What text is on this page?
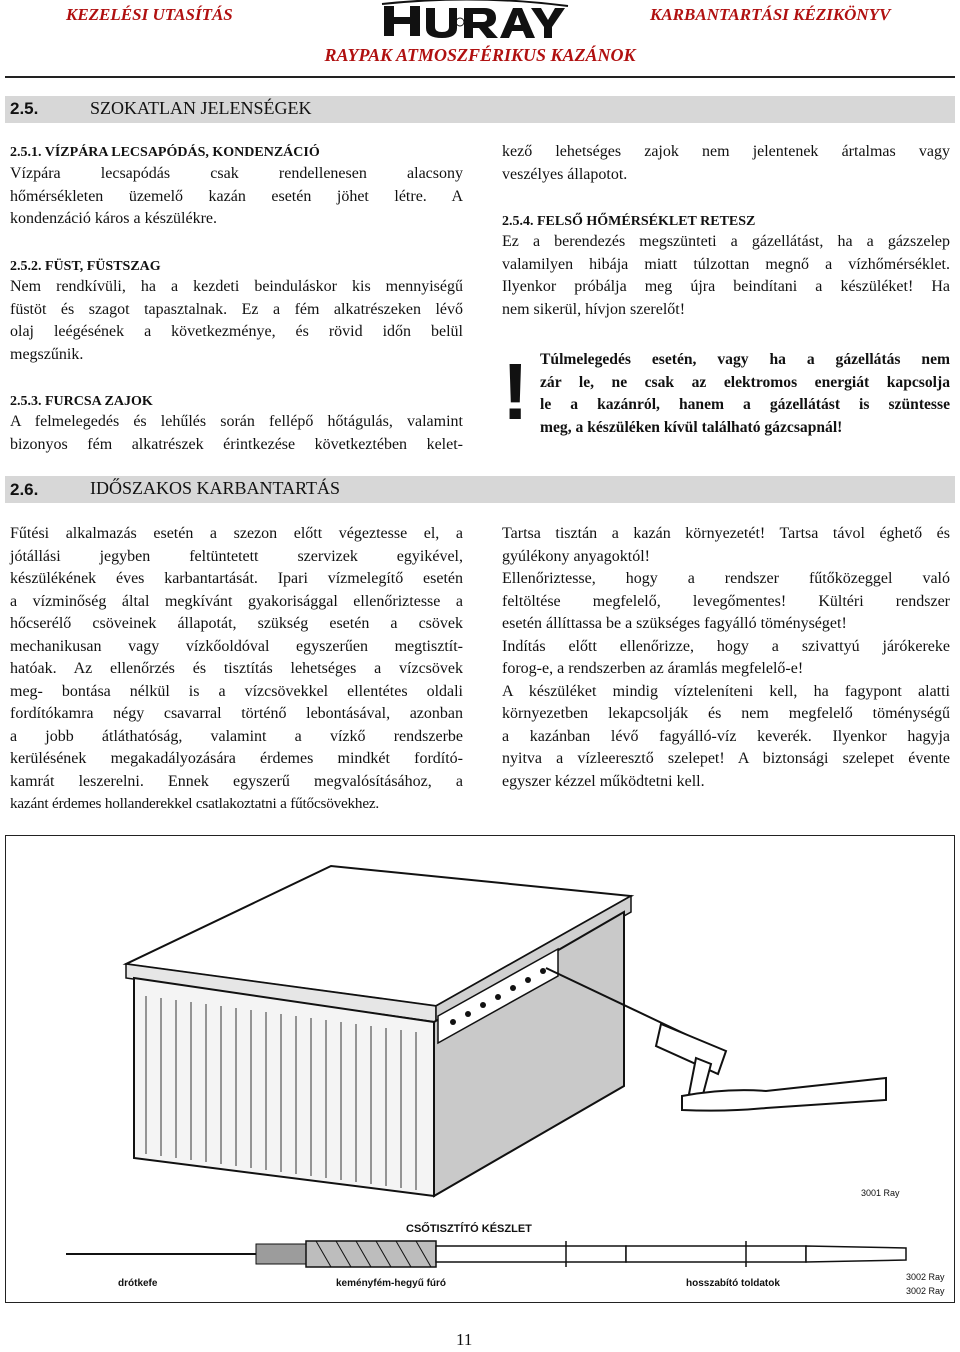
KEZELÉSI UTASÍTÁS	KARBANTARTÁSI KÉZIKÖNYV
RAYPAK ATMOSZFÉRIKUS KAZÁNOK
2.5.	SZOKATLAN JELENSÉGEK
2.5.1. VÍZPÁRA LECSAPÓDÁS, KONDENZÁCIÓ

Vízpára lecsapódás csak rendellenesen alacsony

hőmérsékleten üzemelő kazán esetén jöhet létre. A

kondenzáció káros a készülékre.

2.5.2. FÜST, FÜSTSZAG

Nem rendkívüli, ha a kezdeti beinduláskor kis mennyiségű

füstöt és szagot tapasztalnak. Ez a fém alkatrészeken lévő

olaj leégésének a következménye, és rövid időn belül

megszűnik.

2.5.3. FURCSA ZAJOK

A felmelegedés és lehűlés során fellépő hőtágulás, valamint

bizonyos fém alkatrészek érintkezése következtében kelet-

kező lehetséges zajok nem jelentenek ártalmas vagy

veszélyes állapotot.

2.5.4. FELSŐ HŐMÉRSÉKLET RETESZ

Ez a berendezés megszünteti a gázellátást, ha a gázszelep

valamilyen hibája miatt túlzottan megnő a vízhőmérséklet.

Ilyenkor próbálja meg újra beindítani a készüléket! Ha

nem sikerül, hívjon szerelőt!

! Túlmelegedés esetén, vagy ha a gázellátás nem

zár le, ne csak az elektromos energiát kapcsolja

le a kazánról, hanem a gázellátást is szüntesse

meg, a készüléken kívül található gázcsapnál!

2.6.	IDŐSZAKOS KARBANTARTÁS

Fűtési alkalmazás esetén a szezon előtt végeztesse el, a

jótállási jegyben feltüntetett szervizek egyikével,

készülékének éves karbantartását. Ipari vízmelegítő esetén

a vízminőség által megkívánt gyakorisággal ellenőriztesse a

hőcserélő csöveinek állapotát, szükség esetén a csövek

mechanikusan vagy vízkőoldóval egyszerűen megtisztít-

hatóak. Az ellenőrzés és tisztítás lehetséges a vízcsövek

meg- bontása nélkül is a vízcsövekkel ellentétes oldali

fordítókamra négy csavarral történő lebontásával, azonban

a jobb átláthatóság, valamint a vízkő rendszerbe

kerülésének megakadályozására érdemes mindkét fordító-

kamrát leszerelni. Ennek egyszerű megvalósításához, a

kazánt érdemes hollanderekkel csatlakoztatni a fűtőcsövekhez.

Tartsa tisztán a kazán környezetét! Tartsa távol éghető és

gyúlékony anyagoktól!

Ellenőriztesse, hogy a rendszer fűtőközeggel való

feltöltése megfelelő, levegőmentes! Kültéri rendszer

esetén állíttassa be a szükséges fagyálló töménységet!

Indítás előtt ellenőrizze, hogy a szivattyú járókereke

forog-e, a rendszerben az áramlás megfelelő-e!

A készüléket mindig vízteleníteni kell, ha fagypont alatti

környezetben lekapcsolják és nem megfelelő töménységű

a kazánban lévő fagyálló-víz keverék. Ilyenkor hagyja

nyitva a vízleeresztő szelepet! A biztonsági szelepet évente

egyszer kézzel működtetni kell.

CSŐTISZTÍTÓ KÉSZLET
3001 Ray
drótkefe	keményfém-hegyű fúró	hosszabító toldatok
3002 Ray
3002 Ray
11
